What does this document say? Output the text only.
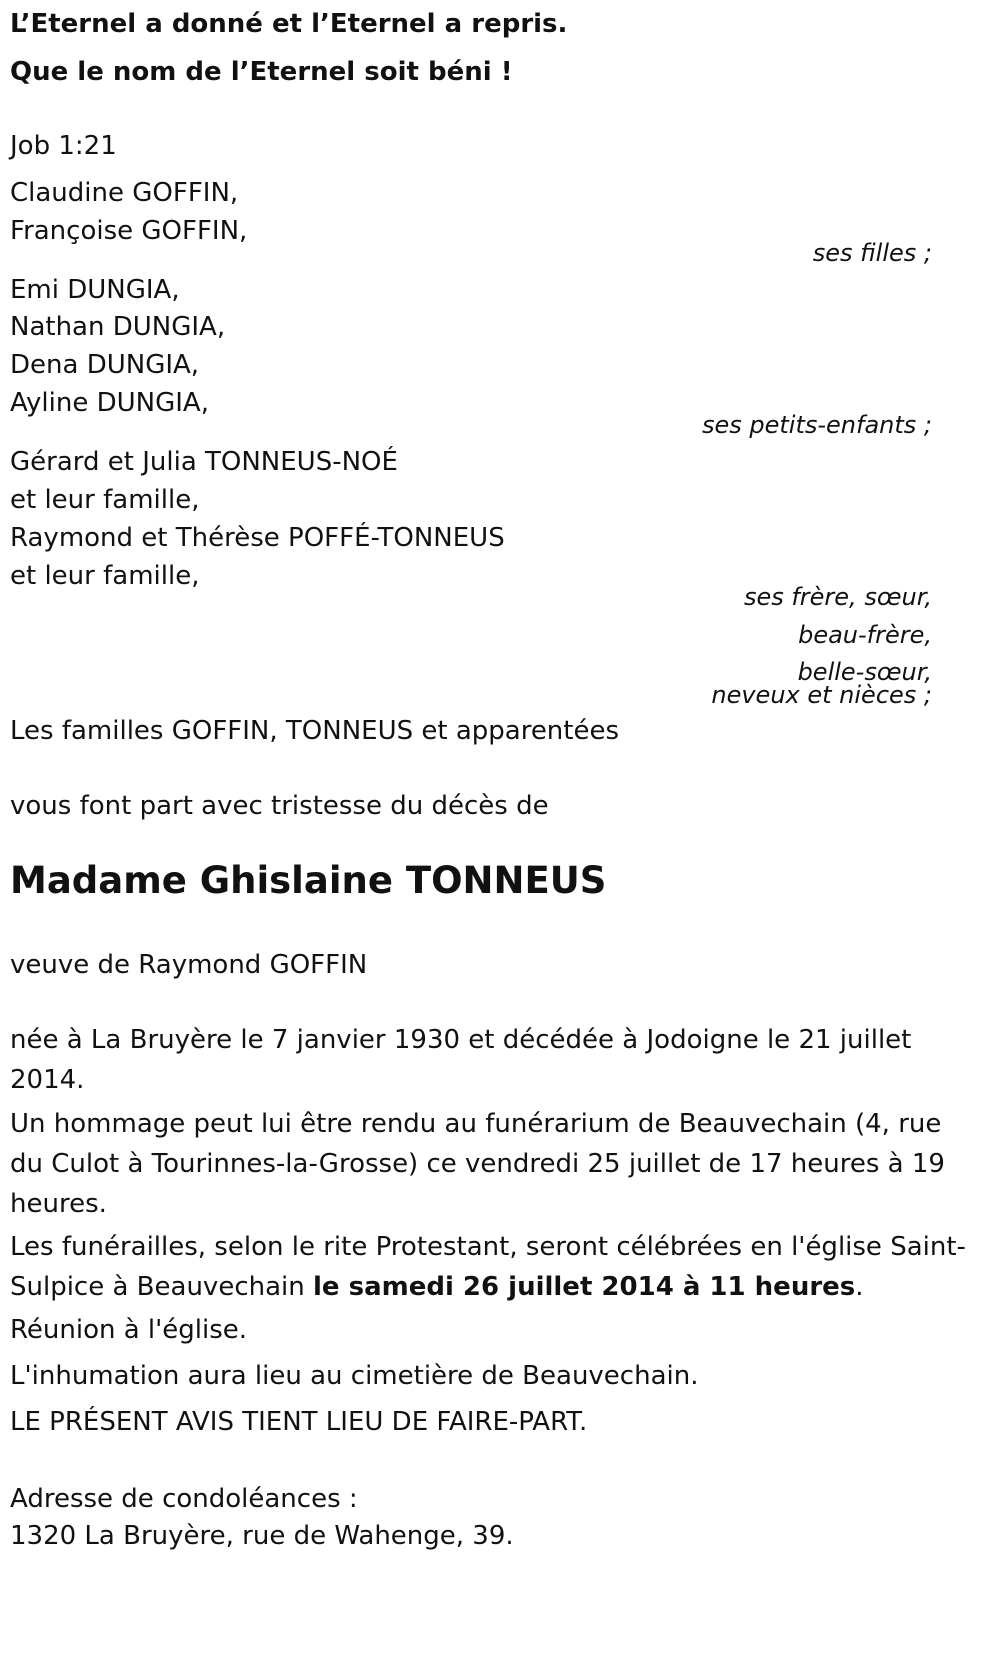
L’Eternel a donné et l’Eternel a repris.
Que le nom de l’Eternel soit béni !
Job 1:21
Claudine GOFFIN,
Françoise GOFFIN,
ses filles ;
Emi DUNGIA,
Nathan DUNGIA,
Dena DUNGIA,
Ayline DUNGIA,
ses petits-enfants ;
Gérard et Julia TONNEUS-NOÉ
et leur famille,
Raymond et Thérèse POFFÉ-TONNEUS
et leur famille,
ses frère, sœur,
beau-frère,
belle-sœur,
neveux et nièces ;
Les familles GOFFIN, TONNEUS et apparentées
vous font part avec tristesse du décès de
Madame Ghislaine TONNEUS
veuve de Raymond GOFFIN
née à La Bruyère le 7 janvier 1930 et décédée à Jodoigne le 21 juillet 2014.
Un hommage peut lui être rendu au funérarium de Beauvechain (4, rue du Culot à Tourinnes-la-Grosse) ce vendredi 25 juillet de 17 heures à 19 heures.
Les funérailles, selon le rite Protestant, seront célébrées en l'église Saint-Sulpice à Beauvechain le samedi 26 juillet 2014 à 11 heures.
Réunion à l'église.
L'inhumation aura lieu au cimetière de Beauvechain.
LE PRÉSENT AVIS TIENT LIEU DE FAIRE-PART.
Adresse de condoléances :
1320 La Bruyère, rue de Wahenge, 39.
